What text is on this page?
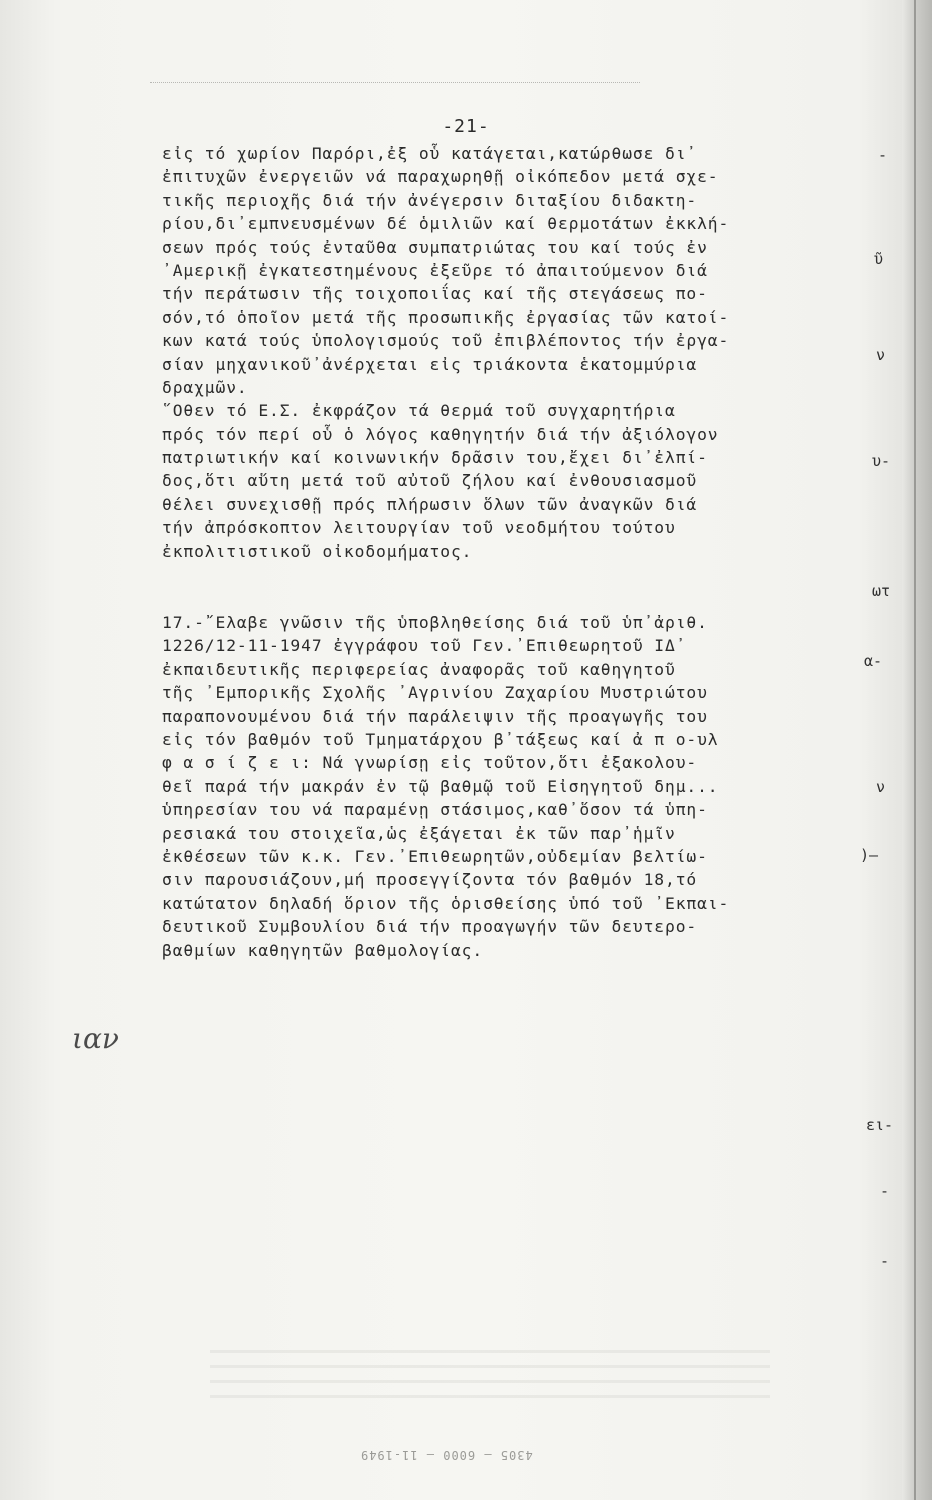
-21-
εἰς τό χωρίον Παρόρι,ἐξ οὗ κατάγεται,κατώρθωσε δι᾽
ἐπιτυχῶν ἐνεργειῶν νά παραχωρηθῇ οἰκόπεδον μετά σχε-
τικῆς περιοχῆς διά τήν ἀνέγερσιν διταξίου διδακτη-
ρίου,δι᾽εμπνευσμένων δέ ὁμιλιῶν καί θερμοτάτων ἐκκλή-
σεων πρός τούς ἐνταῦθα συμπατριώτας του καί τούς ἐν
᾽Αμερικῇ ἐγκατεστημένους ἐξεῦρε τό ἀπαιτούμενον διά
τήν περάτωσιν τῆς τοιχοποιΐας καί τῆς στεγάσεως πο-
σόν,τό ὁποῖον μετά τῆς προσωπικῆς ἐργασίας τῶν κατοί-
κων κατά τούς ὑπολογισμούς τοῦ ἐπιβλέποντος τήν ἐργα-
σίαν μηχανικοῦ᾽ἀνέρχεται εἰς τριάκοντα ἑκατομμύρια
δραχμῶν.
῞Οθεν τό Ε.Σ. ἐκφράζον τά θερμά τοῦ συγχαρητήρια
πρός τόν περί οὗ ὁ λόγος καθηγητήν διά τήν ἀξιόλογον
πατριωτικήν καί κοινωνικήν δρᾶσιν του,ἔχει δι᾽ἐλπί-
δος,ὅτι αὕτη μετά τοῦ αὐτοῦ ζήλου καί ἐνθουσιασμοῦ
θέλει συνεχισθῇ πρός πλήρωσιν ὅλων τῶν ἀναγκῶν διά
τήν ἀπρόσκοπτον λειτουργίαν τοῦ νεοδμήτου τούτου
ἐκπολιτιστικοῦ οἰκοδομήματος.
17.-῎Ελαβε γνῶσιν τῆς ὑποβληθείσης διά τοῦ ὑπ᾽ἀριθ.
1226/12-11-1947 ἐγγράφου τοῦ Γεν.᾽Επιθεωρητοῦ ΙΔ᾽
ἐκπαιδευτικῆς περιφερείας ἀναφορᾶς τοῦ καθηγητοῦ
τῆς ᾽Εμπορικῆς Σχολῆς ᾽Αγρινίου Ζαχαρίου Μυστριώτου
παραπονουμένου διά τήν παράλειψιν τῆς προαγωγῆς του
εἰς τόν βαθμόν τοῦ Τμηματάρχου β᾽τάξεως καί ἀ π ο-υλ
φ α σ ί ζ ε ι: Νά γνωρίσῃ εἰς τοῦτον,ὅτι ἐξακολου-
θεῖ παρά τήν μακράν ἐν τῷ βαθμῷ τοῦ Εἰσηγητοῦ δημ...
ὑπηρεσίαν του νά παραμένῃ στάσιμος,καθ᾽ὅσον τά ὑπη-
ρεσιακά του στοιχεῖα,ὡς ἐξάγεται ἐκ τῶν παρ᾽ἡμῖν
ἐκθέσεων τῶν κ.κ. Γεν.᾽Επιθεωρητῶν,οὐδεμίαν βελτίω-
σιν παρουσιάζουν,μή προσεγγίζοντα τόν βαθμόν 18,τό
κατώτατον δηλαδή ὅριον τῆς ὁρισθείσης ὑπό τοῦ ᾽Εκπαι-
δευτικοῦ Συμβουλίου διά τήν προαγωγήν τῶν δευτερο-
βαθμίων καθηγητῶν βαθμολογίας.
-
ῦ
ν
υ-
ωτ
α-
ν
)—
ει-
-
-
ιαν
4305 — 6000 — 11-1949
